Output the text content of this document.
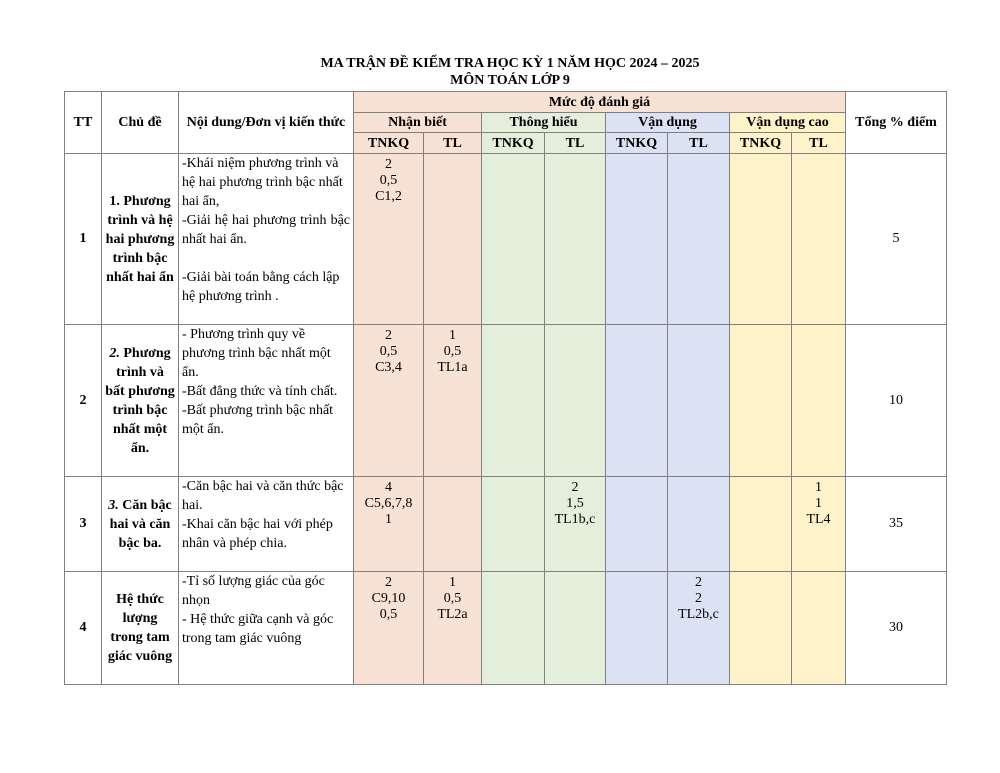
MA TRẬN ĐỀ KIỂM TRA HỌC KỲ 1 NĂM HỌC 2024 – 2025
MÔN TOÁN LỚP 9
TT	Chủ đề	Nội dung/Đơn vị kiến thức	Mức độ đánh giá								Tổng % điểm
			Nhận biết		Thông hiểu		Vận dụng		Vận dụng cao		
			TNKQ	TL	TNKQ	TL	TNKQ	TL	TNKQ	TL	
1	1. Phương trình và hệ hai phương trình bậc nhất hai ẩn	-Khái niệm phương trình và hệ hai phương trình bậc nhất hai ẩn,
-Giải hệ hai phương trình bậc nhất hai ẩn.
-Giải bài toán bằng cách lập hệ phương trình .	2
0,5
C1,2								5
2	2. Phương trình và bất phương trình bậc nhất một ẩn.	- Phương trình quy về phương trình bậc nhất một ẩn.
-Bất đẳng thức và tính chất.
-Bất phương trình bậc nhất một ẩn.	2
0,5
C3,4	1
0,5
TL1a							10
3	3. Căn bậc hai và căn bậc ba.	-Căn bậc hai và căn thức bậc hai.
-Khai căn bậc hai với phép nhân và phép chia.	4
C5,6,7,8
1			2
1,5
TL1b,c				1
1
TL4	35
4	Hệ thức lượng trong tam giác vuông	-Tỉ số lượng giác của góc nhọn
- Hệ thức giữa cạnh và góc trong tam giác vuông	2
C9,10
0,5	1
0,5
TL2a				2
2
TL2b,c			30
